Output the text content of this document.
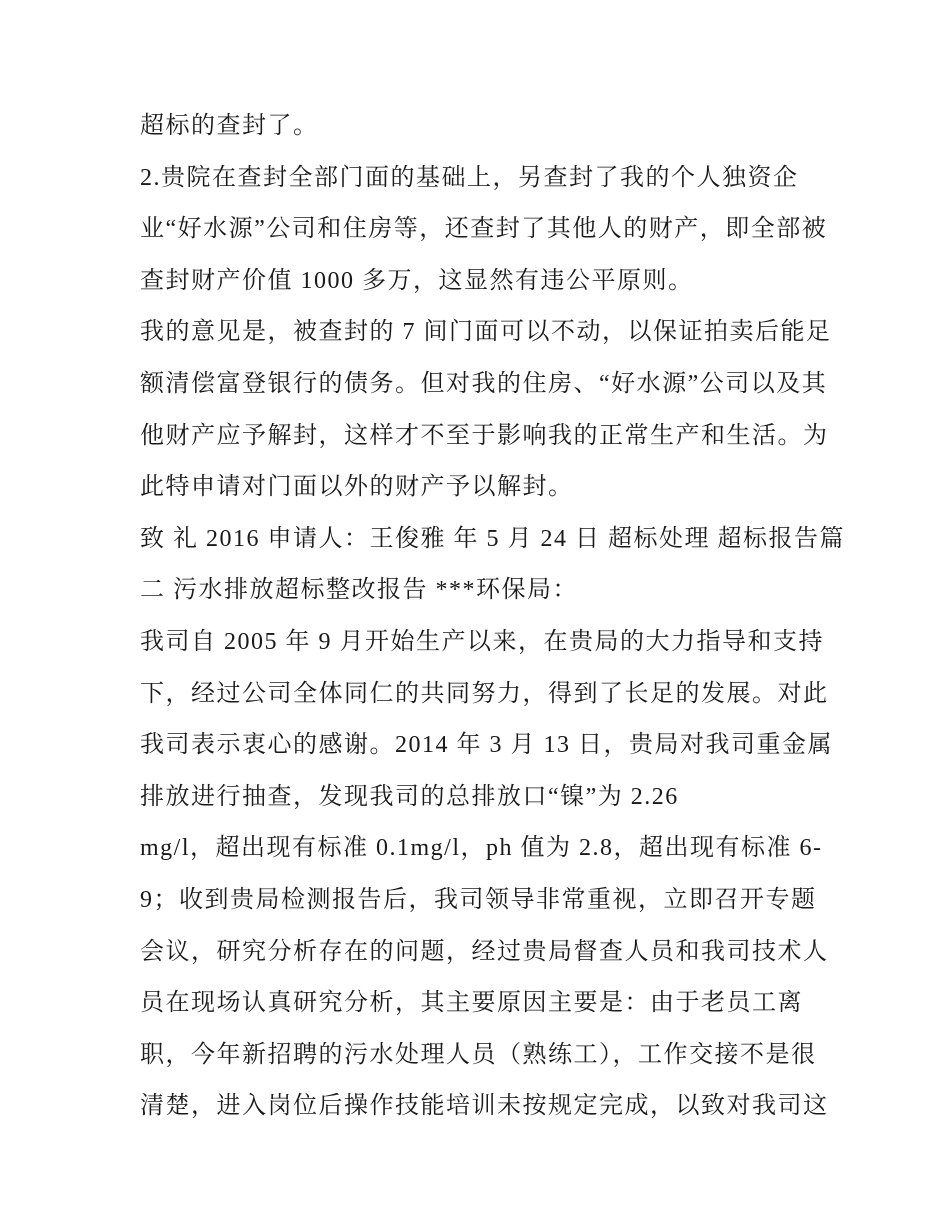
超标的查封了。
2.贵院在查封全部门面的基础上，另查封了我的个人独资企
业“好水源”公司和住房等，还查封了其他人的财产，即全部被
查封财产价值 1000 多万，这显然有违公平原则。
我的意见是，被查封的 7 间门面可以不动，以保证拍卖后能足
额清偿富登银行的债务。但对我的住房、“好水源”公司以及其
他财产应予解封，这样才不至于影响我的正常生产和生活。为
此特申请对门面以外的财产予以解封。
致 礼 2016 申请人：王俊雅 年 5 月 24 日 超标处理 超标报告篇
二 污水排放超标整改报告 ***环保局：
我司自 2005 年 9 月开始生产以来，在贵局的大力指导和支持
下，经过公司全体同仁的共同努力，得到了长足的发展。对此
我司表示衷心的感谢。2014 年 3 月 13 日，贵局对我司重金属
排放进行抽查，发现我司的总排放口“镍”为 2.26
mg/l，超出现有标准 0.1mg/l，ph 值为 2.8，超出现有标准 6-
9；收到贵局检测报告后，我司领导非常重视，立即召开专题
会议，研究分析存在的问题，经过贵局督查人员和我司技术人
员在现场认真研究分析，其主要原因主要是：由于老员工离
职，今年新招聘的污水处理人员（熟练工），工作交接不是很
清楚，进入岗位后操作技能培训未按规定完成，以致对我司这
